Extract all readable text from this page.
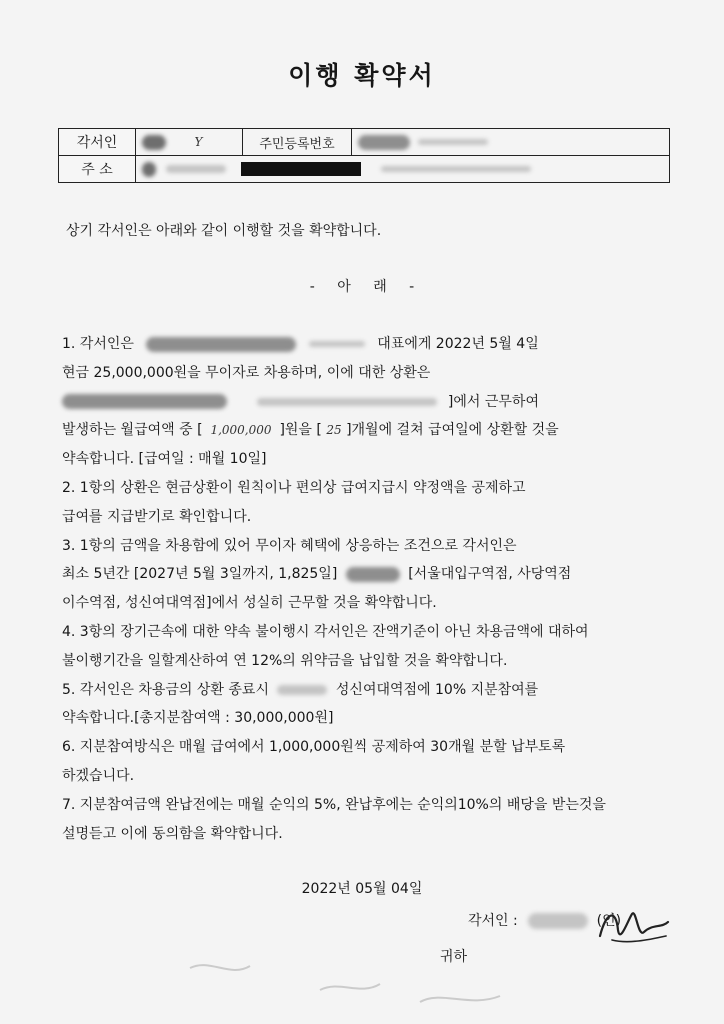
이행 확약서
각서인	Y	주민등록번호	
주 소			
상기 각서인은 아래와 같이 이행할 것을 확약합니다.
- 아 래 -
1. 각서인은	대표에게 2022년 5월 4일
현금 25,000,000원을 무이자로 차용하며, 이에 대한 상환은
]에서 근무하여
발생하는 월급여액 중 [ 1,000,000 ]원을 [ 25 ]개월에 걸쳐 급여일에 상환할 것을
약속합니다. [급여일 : 매월 10일]
2. 1항의 상환은 현금상환이 원칙이나 편의상 급여지급시 약정액을 공제하고
급여를 지급받기로 확인합니다.
3. 1항의 금액을 차용함에 있어 무이자 혜택에 상응하는 조건으로 각서인은
최소 5년간 [2027년 5월 3일까지, 1,825일]	[서울대입구역점, 사당역점
이수역점, 성신여대역점]에서 성실히 근무할 것을 확약합니다.
4. 3항의 장기근속에 대한 약속 불이행시 각서인은 잔액기준이 아닌 차용금액에 대하여
불이행기간을 일할계산하여 연 12%의 위약금을 납입할 것을 확약합니다.
5. 각서인은 차용금의 상환 종료시	성신여대역점에 10% 지분참여를
약속합니다.[총지분참여액 : 30,000,000원]
6. 지분참여방식은 매월 급여에서 1,000,000원씩 공제하여 30개월 분할 납부토록
하겠습니다.
7. 지분참여금액 완납전에는 매월 순익의 5%, 완납후에는 순익의10%의 배당을 받는것을
설명듣고 이에 동의함을 확약합니다.
2022년 05월 04일
각서인 :	(인)
귀하
